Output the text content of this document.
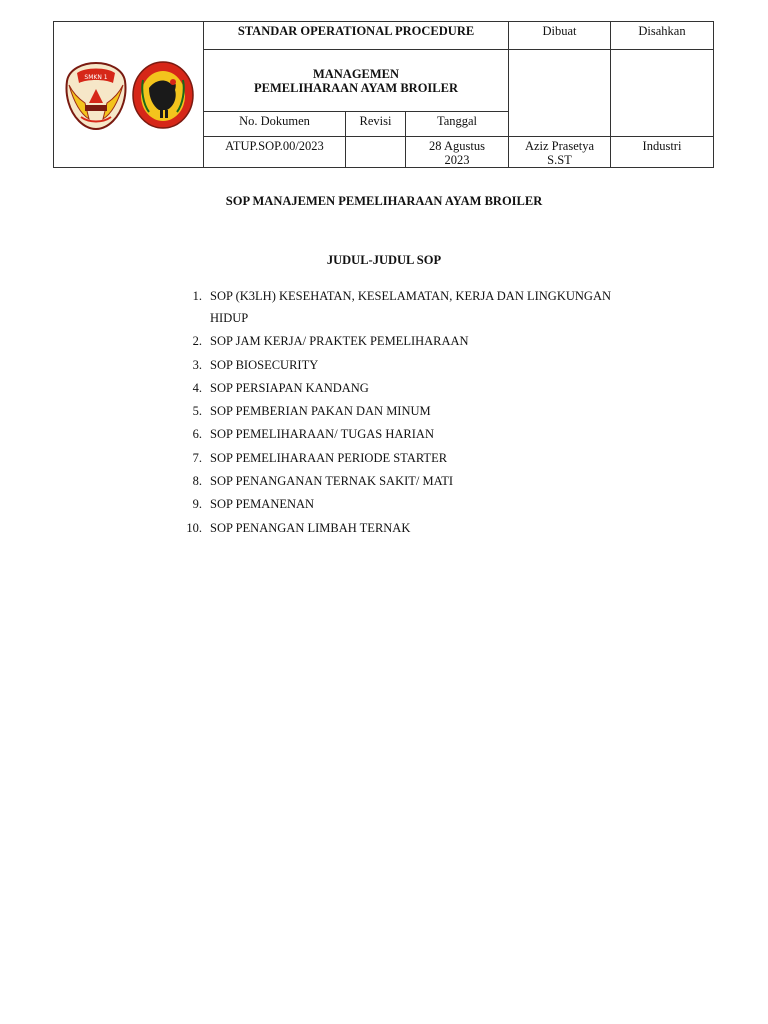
SMKN 1	STANDAR OPERATIONAL PROCEDURE			Dibuat	Disahkan

	MANAGEMEN
PEMELIHARAAN AYAM BROILER				

	No. Dokumen	Revisi	Tanggal		
	ATUP.SOP.00/2023		28 Agustus 2023	Aziz Prasetya S.ST	Industri
SOP MANAJEMEN PEMELIHARAAN AYAM BROILER
JUDUL-JUDUL SOP
1. SOP (K3LH) KESEHATAN, KESELAMATAN, KERJA DAN LINGKUNGAN HIDUP
2. SOP JAM KERJA/ PRAKTEK PEMELIHARAAN
3. SOP BIOSECURITY
4. SOP PERSIAPAN KANDANG
5. SOP PEMBERIAN PAKAN DAN MINUM
6. SOP PEMELIHARAAN/ TUGAS HARIAN
7. SOP PEMELIHARAAN PERIODE STARTER
8. SOP PENANGANAN TERNAK SAKIT/ MATI
9. SOP PEMANENAN
10. SOP PENANGAN LIMBAH TERNAK
